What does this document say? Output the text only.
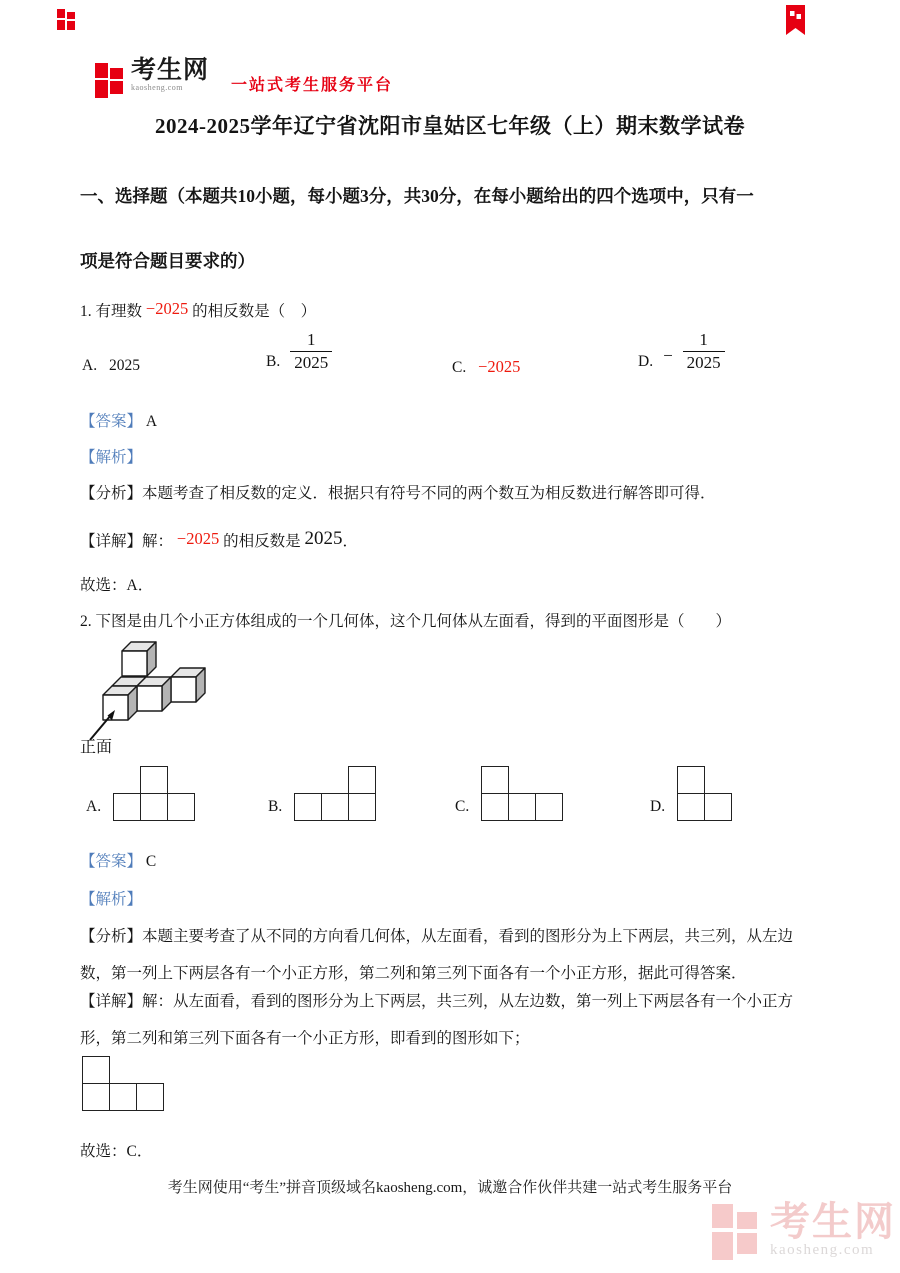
考生网
kaosheng.com	一站式考生服务平台
2024-2025学年辽宁省沈阳市皇姑区七年级（上）期末数学试卷
一、选择题（本题共10小题，每小题3分，共30分，在每小题给出的四个选项中，只有一
项是符合题目要求的）
1. 有理数 −2025 的相反数是（　）
A. 2025	B. $\frac{1}{2025}$	C. −2025	D. − $\frac{1}{2025}$
【答案】 A
【解析】
【分析】本题考查了相反数的定义．根据只有符号不同的两个数互为相反数进行解答即可得．
【详解】解： −2025 的相反数是 2025．
故选：A．
2. 下图是由几个小正方体组成的一个几何体，这个几何体从左面看，得到的平面图形是（　　）
正面
A.	B.	C.	D.
【答案】 C
【解析】
【分析】本题主要考查了从不同的方向看几何体，从左面看，看到的图形分为上下两层，共三列，从左边
数，第一列上下两层各有一个小正方形，第二列和第三列下面各有一个小正方形，据此可得答案．
【详解】解：从左面看，看到的图形分为上下两层，共三列，从左边数，第一列上下两层各有一个小正方
形，第二列和第三列下面各有一个小正方形，即看到的图形如下；
故选：C．
考生网使用“考生”拼音顶级域名kaosheng.com，诚邀合作伙伴共建一站式考生服务平台
考生网
kaosheng.com
